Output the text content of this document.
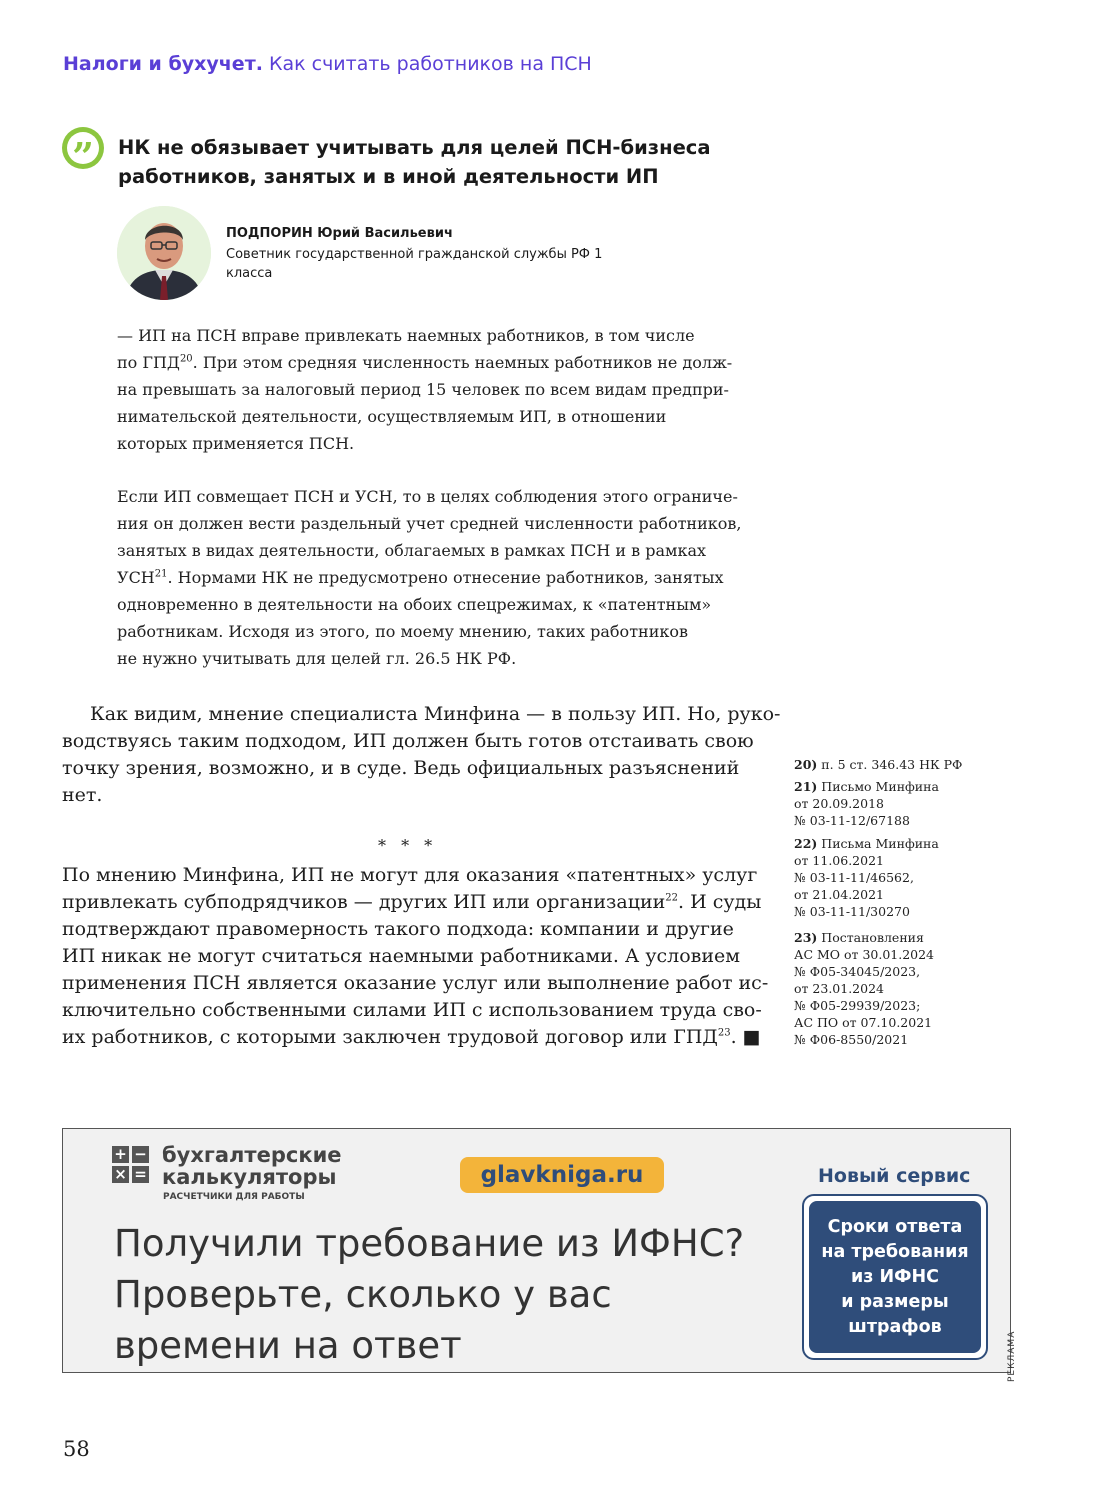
Налоги и бухучет. Как считать работников на ПСН
” НК не обязывает учитывать для целей ПСН-бизнеса
работников, занятых и в иной деятельности ИП
ПОДПОРИН Юрий Васильевич
Советник государственной гражданской службы РФ 1 класса
— ИП на ПСН вправе привлекать наемных работников, в том числе
по ГПД$^{20}$. При этом средняя численность наемных работников не долж-
на превышать за налоговый период 15 человек по всем видам предпри-
нимательской деятельности, осуществляемым ИП, в отношении
которых применяется ПСН.
Если ИП совмещает ПСН и УСН, то в целях соблюдения этого ограниче-
ния он должен вести раздельный учет средней численности работников,
занятых в видах деятельности, облагаемых в рамках ПСН и в рамках
УСН$^{21}$. Нормами НК не предусмотрено отнесение работников, занятых
одновременно в деятельности на обоих спецрежимах, к «патентным»
работникам. Исходя из этого, по моему мнению, таких работников
не нужно учитывать для целей гл. 26.5 НК РФ.
Как видим, мнение специалиста Минфина — в пользу ИП. Но, руко-
водствуясь таким подходом, ИП должен быть готов отстаивать свою
точку зрения, возможно, и в суде. Ведь официальных разъяснений
нет.
* * *
По мнению Минфина, ИП не могут для оказания «патентных» услуг
привлекать субподрядчиков — других ИП или организации$^{22}$. И суды
подтверждают правомерность такого подхода: компании и другие
ИП никак не могут считаться наемными работниками. А условием
применения ПСН является оказание услуг или выполнение работ ис-
ключительно собственными силами ИП с использованием труда сво-
их работников, с которыми заключен трудовой договор или ГПД$^{23}$. ■
20) п. 5 ст. 346.43 НК РФ
21) Письмо Минфина
от 20.09.2018
№ 03-11-12/67188
22) Письма Минфина
от 11.06.2021
№ 03-11-11/46562,
от 21.04.2021
№ 03-11-11/30270
23) Постановления
АС МО от 30.01.2024
№ Ф05-34045/2023,
от 23.01.2024
№ Ф05-29939/2023;
АС ПО от 07.10.2021
№ Ф06-8550/2021
+ −
× =
бухгалтерские
калькуляторы
РАСЧЕТЧИКИ ДЛЯ РАБОТЫ
glavkniga.ru
Получили требование из ИФНС?
Проверьте, сколько у вас
времени на ответ
Новый сервис
Сроки ответа
на требования
из ИФНС
и размеры
штрафов
РЕКЛАМА
58
